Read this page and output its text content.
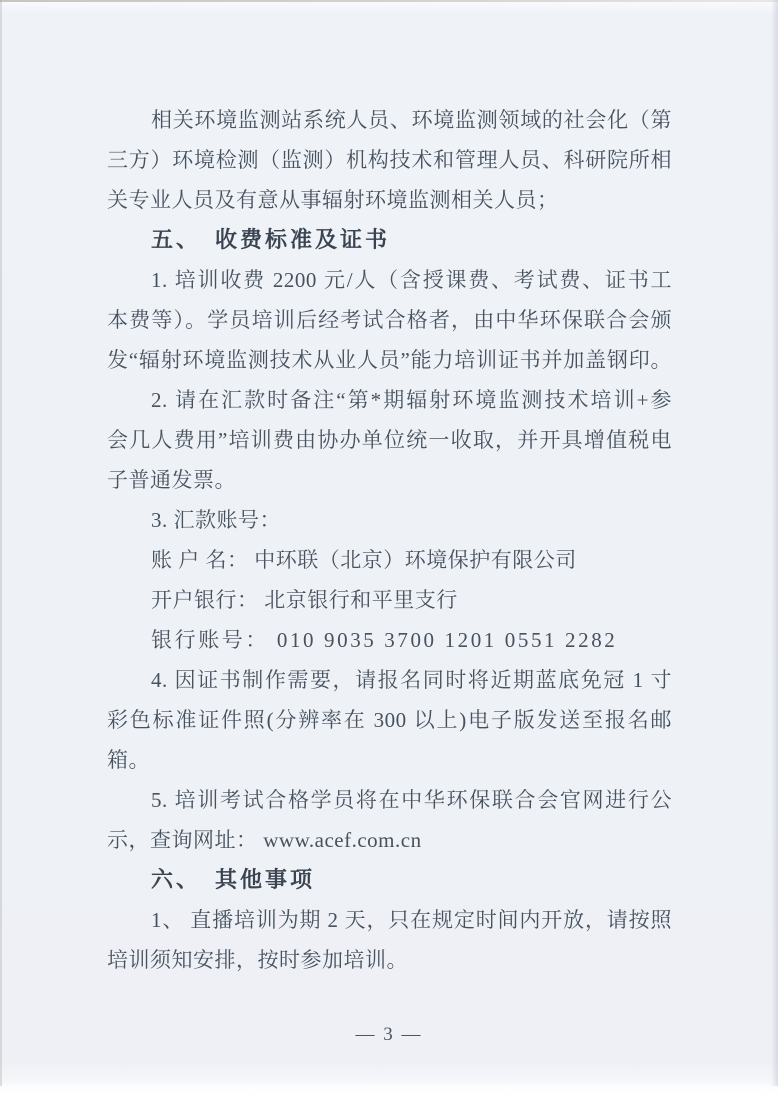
相关环境监测站系统人员、环境监测领域的社会化（第
三方）环境检测（监测）机构技术和管理人员、科研院所相
关专业人员及有意从事辐射环境监测相关人员；
五、　收费标准及证书
1. 培训收费 2200 元/人（含授课费、考试费、证书工
本费等）。学员培训后经考试合格者，由中华环保联合会颁
发“辐射环境监测技术从业人员”能力培训证书并加盖钢印。
2. 请在汇款时备注“第*期辐射环境监测技术培训+参
会几人费用”培训费由协办单位统一收取，并开具增值税电
子普通发票。
3. 汇款账号：
账 户 名： 中环联（北京）环境保护有限公司
开户银行： 北京银行和平里支行
银行账号： 010 9035 3700 1201 0551 2282
4. 因证书制作需要，请报名同时将近期蓝底免冠 1 寸
彩色标准证件照(分辨率在 300 以上)电子版发送至报名邮
箱。
5. 培训考试合格学员将在中华环保联合会官网进行公
示，查询网址： www.acef.com.cn
六、　其他事项
1、 直播培训为期 2 天，只在规定时间内开放，请按照
培训须知安排，按时参加培训。
— 3 —
